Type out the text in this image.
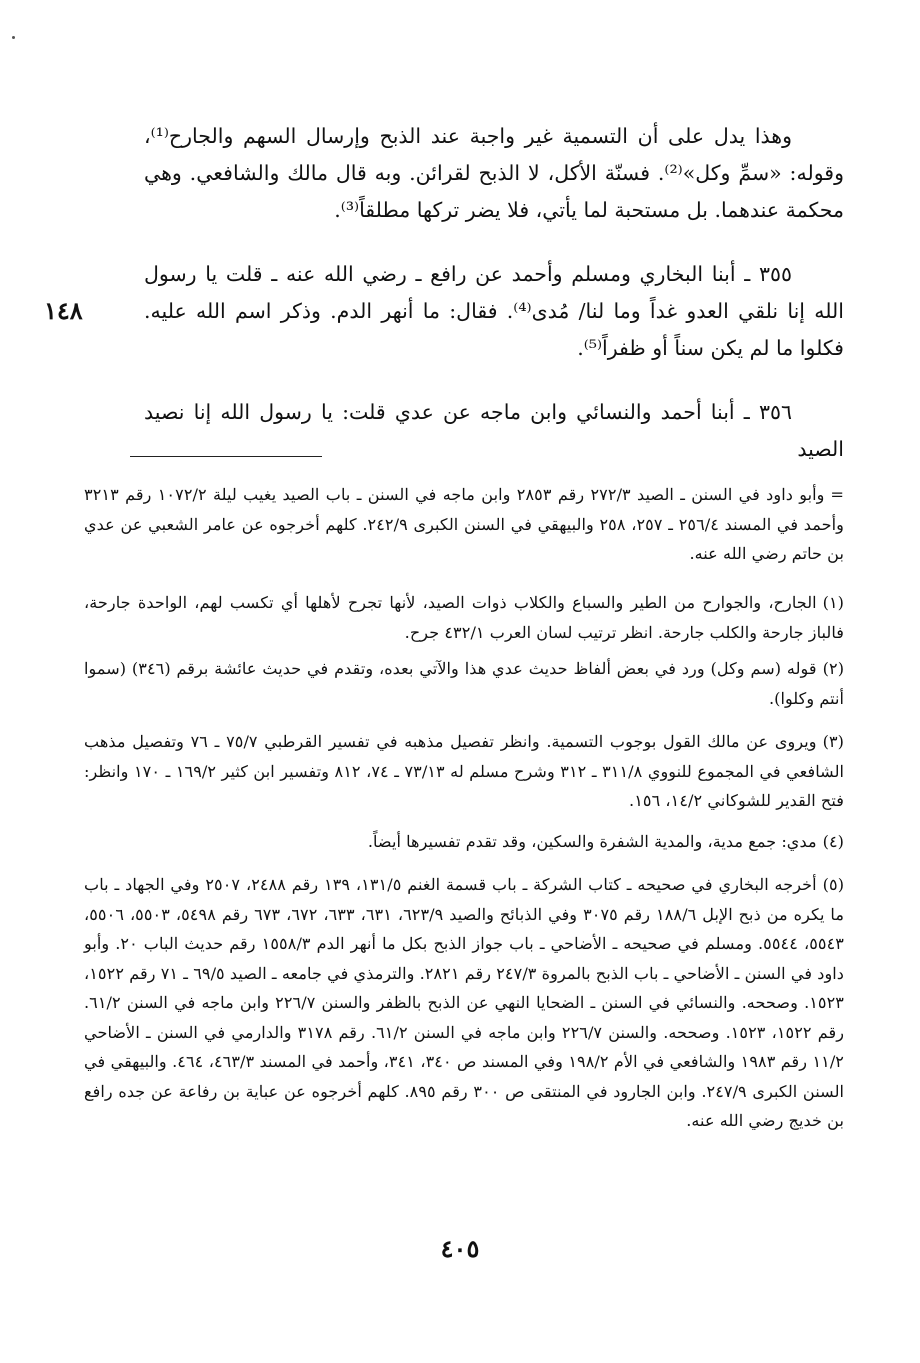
وهذا يدل على أن التسمية غير واجبة عند الذبح وإرسال السهم والجارح⁽¹⁾، وقوله: «سمِّ وكل»⁽²⁾. فسنّة الأكل، لا الذبح لقرائن. وبه قال مالك والشافعي. وهي محكمة عندهما. بل مستحبة لما يأتي، فلا يضر تركها مطلقاً⁽³⁾.

٣٥٥ ـ أبنا البخاري ومسلم وأحمد عن رافع ـ رضي الله عنه ـ قلت يا رسول الله إنا نلقي العدو غداً وما لنا/ مُدى⁽⁴⁾. فقال: ما أنهر الدم. وذكر اسم الله عليه. فكلوا ما لم يكن سناً أو ظفراً⁽⁵⁾.

١٤٨

٣٥٦ ـ أبنا أحمد والنسائي وابن ماجه عن عدي قلت: يا رسول الله إنا نصيد الصيد

=وأبو داود في السنن ـ الصيد ٢٧٢/٣ رقم ٢٨٥٣ وابن ماجه في السنن ـ باب الصيد يغيب ليلة ١٠٧٢/٢ رقم ٣٢١٣ وأحمد في المسند ٢٥٦/٤ ـ ٢٥٧، ٢٥٨ والبيهقي في السنن الكبرى ٢٤٢/٩. كلهم أخرجوه عن عامر الشعبي عن عدي بن حاتم رضي الله عنه.
(١)الجارح، والجوارح من الطير والسباع والكلاب ذوات الصيد، لأنها تجرح لأهلها أي تكسب لهم، الواحدة جارحة، فالباز جارحة والكلب جارحة. انظر ترتيب لسان العرب ٤٣٢/١ جرح.
(٢)قوله (سم وكل) ورد في بعض ألفاظ حديث عدي هذا والآتي بعده، وتقدم في حديث عائشة برقم (٣٤٦) (سموا أنتم وكلوا).
(٣)ويروى عن مالك القول بوجوب التسمية. وانظر تفصيل مذهبه في تفسير القرطبي ٧٥/٧ ـ ٧٦ وتفصيل مذهب الشافعي في المجموع للنووي ٣١١/٨ ـ ٣١٢ وشرح مسلم له ٧٣/١٣ ـ ٧٤، ٨١٢ وتفسير ابن كثير ١٦٩/٢ ـ ١٧٠ وانظر: فتح القدير للشوكاني ١٤/٢، ١٥٦.
(٤)مدي: جمع مدية، والمدية الشفرة والسكين، وقد تقدم تفسيرها أيضاً.
(٥)أخرجه البخاري في صحيحه ـ كتاب الشركة ـ باب قسمة الغنم ١٣١/٥، ١٣٩ رقم ٢٤٨٨، ٢٥٠٧ وفي الجهاد ـ باب ما يكره من ذبح الإبل ١٨٨/٦ رقم ٣٠٧٥ وفي الذبائح والصيد ٦٢٣/٩، ٦٣١، ٦٣٣، ٦٧٢، ٦٧٣ رقم ٥٤٩٨، ٥٥٠٣، ٥٥٠٦، ٥٥٤٣، ٥٥٤٤. ومسلم في صحيحه ـ الأضاحي ـ باب جواز الذبح بكل ما أنهر الدم ١٥٥٨/٣ رقم حديث الباب ٢٠. وأبو داود في السنن ـ الأضاحي ـ باب الذبح بالمروة ٢٤٧/٣ رقم ٢٨٢١. والترمذي في جامعه ـ الصيد ٦٩/٥ ـ ٧١ رقم ١٥٢٢، ١٥٢٣. وصححه. والنسائي في السنن ـ الضحايا النهي عن الذبح بالظفر والسنن ٢٢٦/٧ وابن ماجه في السنن ٦١/٢. رقم ١٥٢٢، ١٥٢٣. وصححه. والسنن ٢٢٦/٧ وابن ماجه في السنن ٦١/٢. رقم ٣١٧٨ والدارمي في السنن ـ الأضاحي ١١/٢ رقم ١٩٨٣ والشافعي في الأم ١٩٨/٢ وفي المسند ص ٣٤٠، ٣٤١، وأحمد في المسند ٤٦٣/٣، ٤٦٤. والبيهقي في السنن الكبرى ٢٤٧/٩. وابن الجارود في المنتقى ص ٣٠٠ رقم ٨٩٥. كلهم أخرجوه عن عباية بن رفاعة عن جده رافع بن خديج رضي الله عنه.
٤٠٥
